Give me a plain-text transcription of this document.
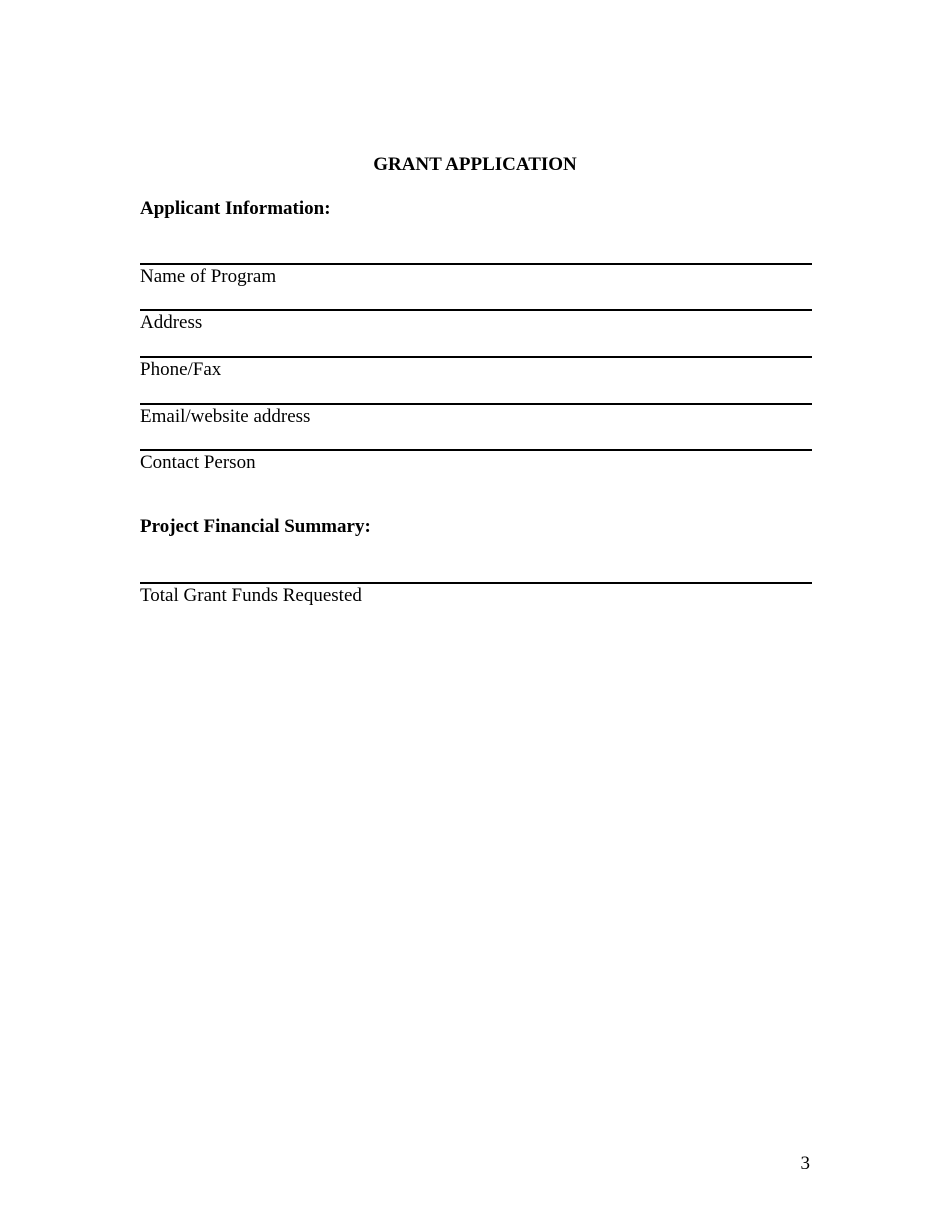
GRANT APPLICATION
Applicant Information:
Name of Program
Address
Phone/Fax
Email/website address
Contact Person
Project Financial Summary:
Total Grant Funds Requested
3
